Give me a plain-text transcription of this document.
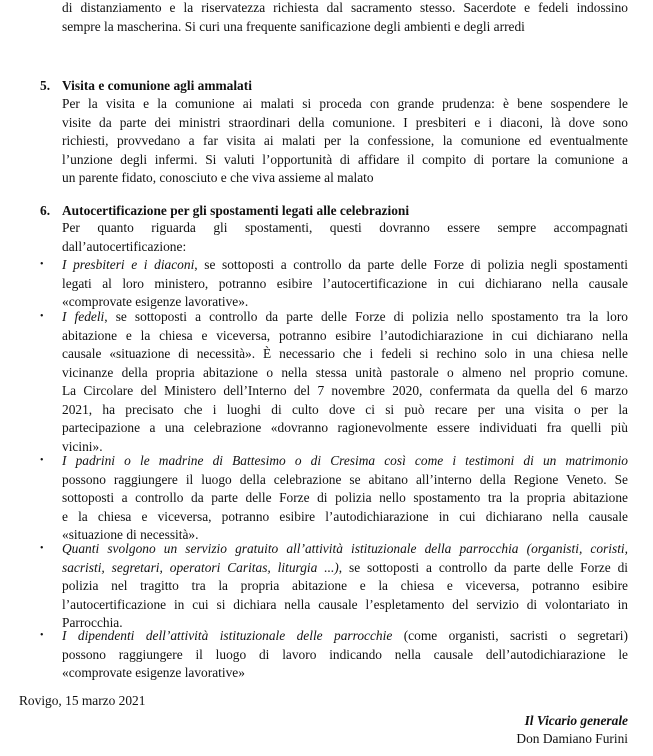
di distanziamento e la riservatezza richiesta dal sacramento stesso. Sacerdote e fedeli indossino
sempre la mascherina. Si curi una frequente sanificazione degli ambienti e degli arredi
5. Visita e comunione agli ammalati
Per la visita e la comunione ai malati si proceda con grande prudenza: è bene sospendere le
visite da parte dei ministri straordinari della comunione. I presbiteri e i diaconi, là dove sono
richiesti, provvedano a far visita ai malati per la confessione, la comunione ed eventualmente
l’unzione degli infermi. Si valuti l’opportunità di affidare il compito di portare la comunione a
un parente fidato, conosciuto e che viva assieme al malato
6. Autocertificazione per gli spostamenti legati alle celebrazioni
Per quanto riguarda gli spostamenti, questi dovranno essere sempre accompagnati
dall’autocertificazione:
• I presbiteri e i diaconi, se sottoposti a controllo da parte delle Forze di polizia negli spostamenti
legati al loro ministero, potranno esibire l’autocertificazione in cui dichiarano nella causale
«comprovate esigenze lavorative».
• I fedeli, se sottoposti a controllo da parte delle Forze di polizia nello spostamento tra la loro
abitazione e la chiesa e viceversa, potranno esibire l’autodichiarazione in cui dichiarano nella
causale «situazione di necessità». È necessario che i fedeli si rechino solo in una chiesa nelle
vicinanze della propria abitazione o nella stessa unità pastorale o almeno nel proprio comune.
La Circolare del Ministero dell’Interno del 7 novembre 2020, confermata da quella del 6 marzo
2021, ha precisato che i luoghi di culto dove ci si può recare per una visita o per la
partecipazione a una celebrazione «dovranno ragionevolmente essere individuati fra quelli più
vicini».
• I padrini o le madrine di Battesimo o di Cresima così come i testimoni di un matrimonio
possono raggiungere il luogo della celebrazione se abitano all’interno della Regione Veneto. Se
sottoposti a controllo da parte delle Forze di polizia nello spostamento tra la propria abitazione
e la chiesa e viceversa, potranno esibire l’autodichiarazione in cui dichiarano nella causale
«situazione di necessità».
• Quanti svolgono un servizio gratuito all’attività istituzionale della parrocchia (organisti, coristi,
sacristi, segretari, operatori Caritas, liturgia ...), se sottoposti a controllo da parte delle Forze di
polizia nel tragitto tra la propria abitazione e la chiesa e viceversa, potranno esibire
l’autocertificazione in cui si dichiara nella causale l’espletamento del servizio di volontariato in
Parrocchia.
• I dipendenti dell’attività istituzionale delle parrocchie (come organisti, sacristi o segretari)
possono raggiungere il luogo di lavoro indicando nella causale dell’autodichiarazione le
«comprovate esigenze lavorative»
Rovigo, 15 marzo 2021
Il Vicario generale
Don Damiano Furini
